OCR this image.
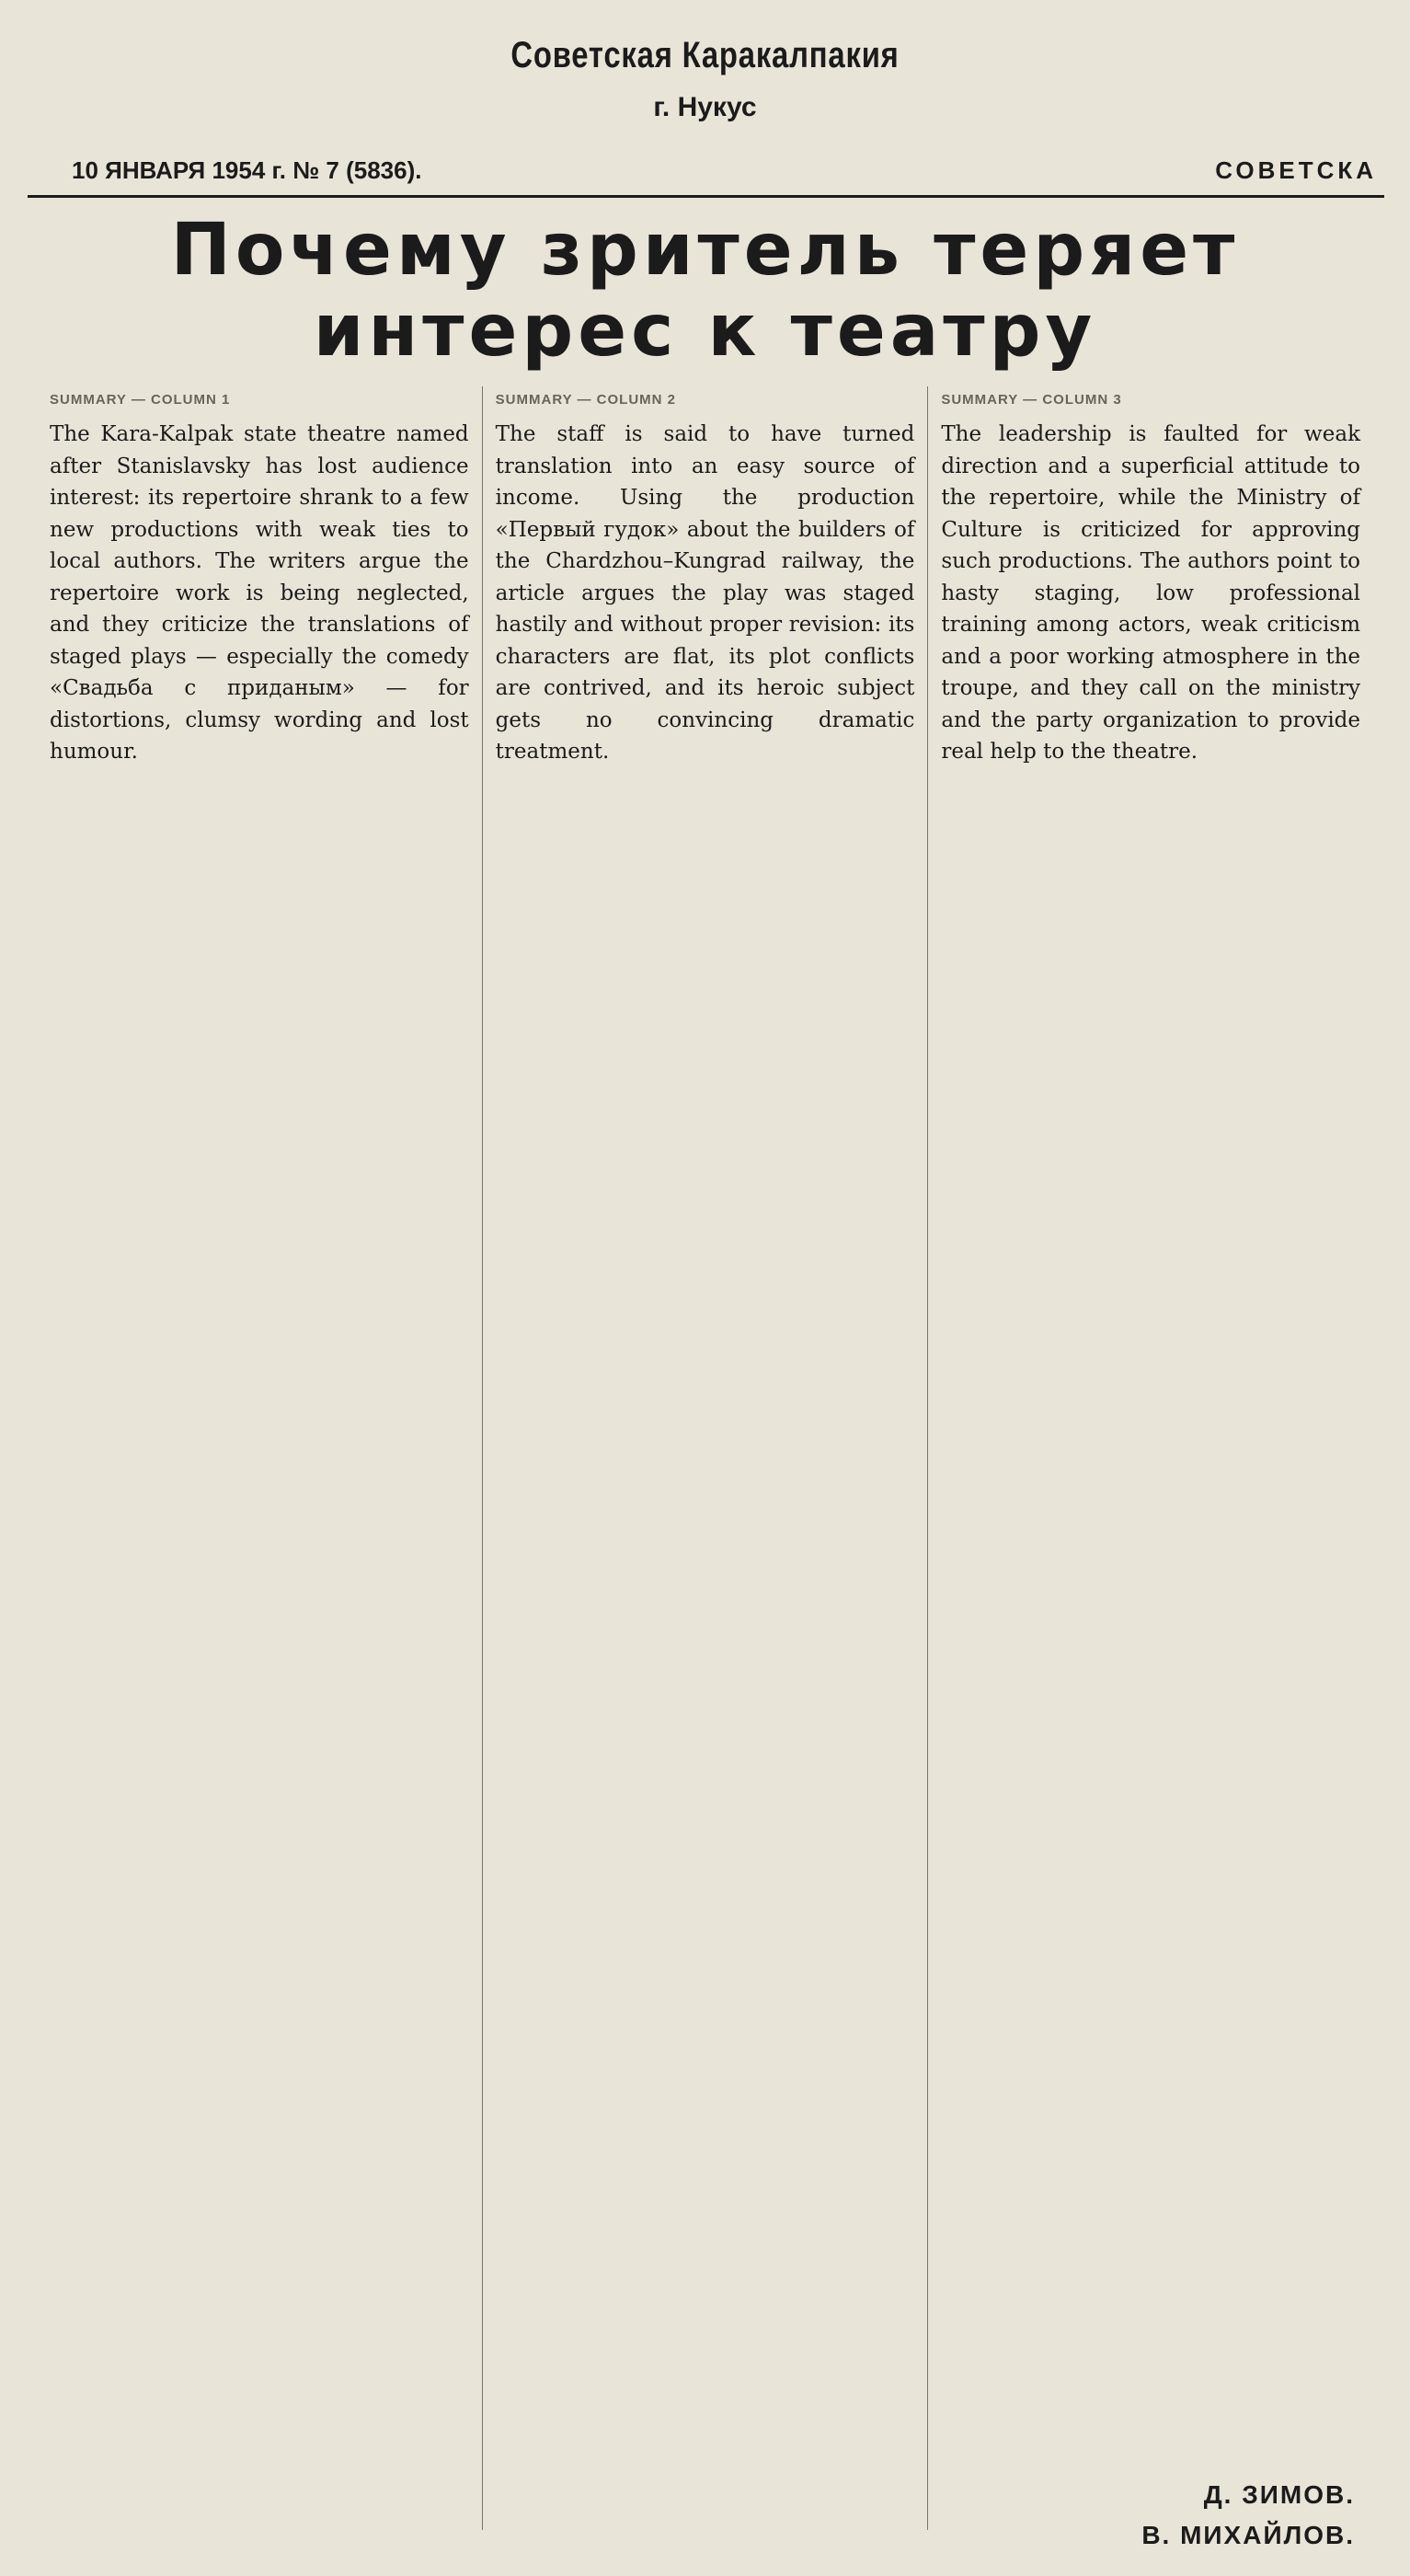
Советская Каракалпакия
г. Нукус
10 ЯНВАРЯ 1954 г. № 7 (5836).	СОВЕТСКА
Почему зритель теряет
интерес к театру
SUMMARY — COLUMN 1
The Kara-Kalpak state theatre named after Stanislavsky has lost audience interest: its repertoire shrank to a few new productions with weak ties to local authors. The writers argue the repertoire work is being neglected, and they criticize the translations of staged plays — especially the comedy «Свадьба с приданым» — for distortions, clumsy wording and lost humour.
SUMMARY — COLUMN 2
The staff is said to have turned translation into an easy source of income. Using the production «Первый гудок» about the builders of the Chardzhou–Kungrad railway, the article argues the play was staged hastily and without proper revision: its characters are flat, its plot conflicts are contrived, and its heroic subject gets no convincing dramatic treatment.
SUMMARY — COLUMN 3
The leadership is faulted for weak direction and a superficial attitude to the repertoire, while the Ministry of Culture is criticized for approving such productions. The authors point to hasty staging, low professional training among actors, weak criticism and a poor working atmosphere in the troupe, and they call on the ministry and the party organization to provide real help to the theatre.
Д. ЗИМОВ.
В. МИХАЙЛОВ.
